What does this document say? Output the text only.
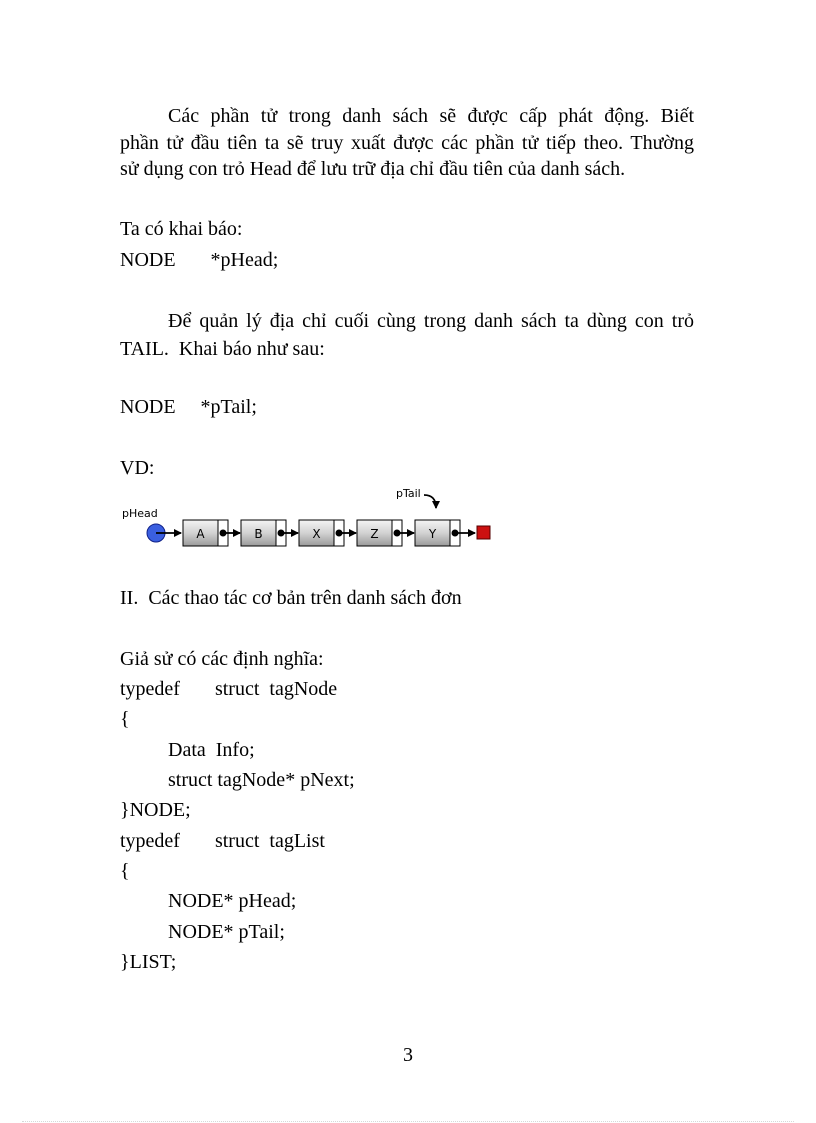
Các phần tử trong danh sách sẽ được cấp phát động. Biết
phần tử đầu tiên ta sẽ truy xuất được các phần tử tiếp theo. Thường
sử dụng con trỏ Head để lưu trữ địa chỉ đầu tiên của danh sách.
Ta có khai báo:
NODE       *pHead;
Để quản lý địa chỉ cuối cùng trong danh sách ta dùng con trỏ
TAIL.  Khai báo như sau:
NODE     *pTail;
VD:
pHead
pTail
A	B	X	Z	Y
II.  Các thao tác cơ bản trên danh sách đơn
Giả sử có các định nghĩa:
typedef       struct  tagNode
{
Data  Info;
struct tagNode* pNext;
}NODE;
typedef       struct  tagList
{
NODE* pHead;
NODE* pTail;
}LIST;
3
